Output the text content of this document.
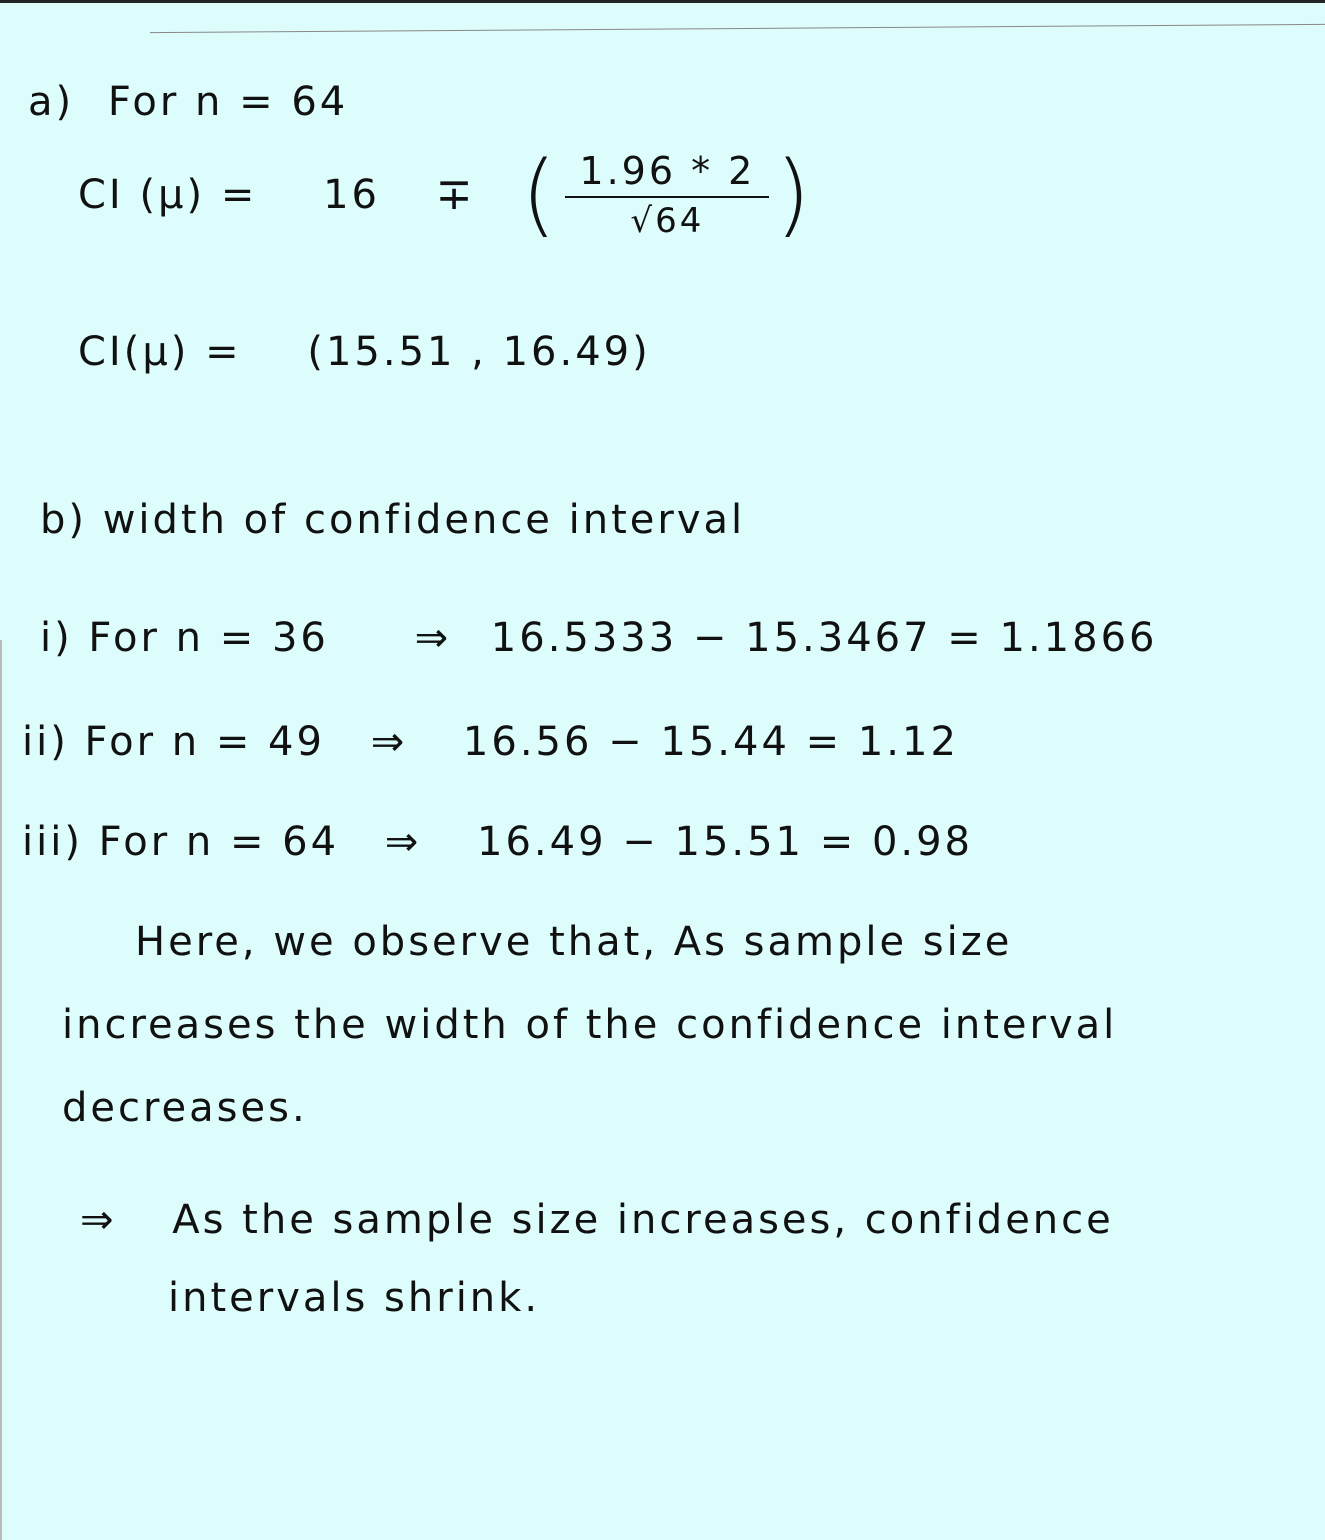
a) For n = 64
CI (μ) = 16 ∓ ( $\frac{1.96 * 2}{√64}$ )
CI(μ) = (15.51 , 16.49)
b) width of confidence interval
i) For n = 36 ⇒ 16.5333 − 15.3467 = 1.1866
ii) For n = 49 ⇒ 16.56 − 15.44 = 1.12
iii) For n = 64 ⇒ 16.49 − 15.51 = 0.98
Here, we observe that, As sample size
increases the width of the confidence interval
decreases.
⇒ As the sample size increases, confidence
intervals shrink.
